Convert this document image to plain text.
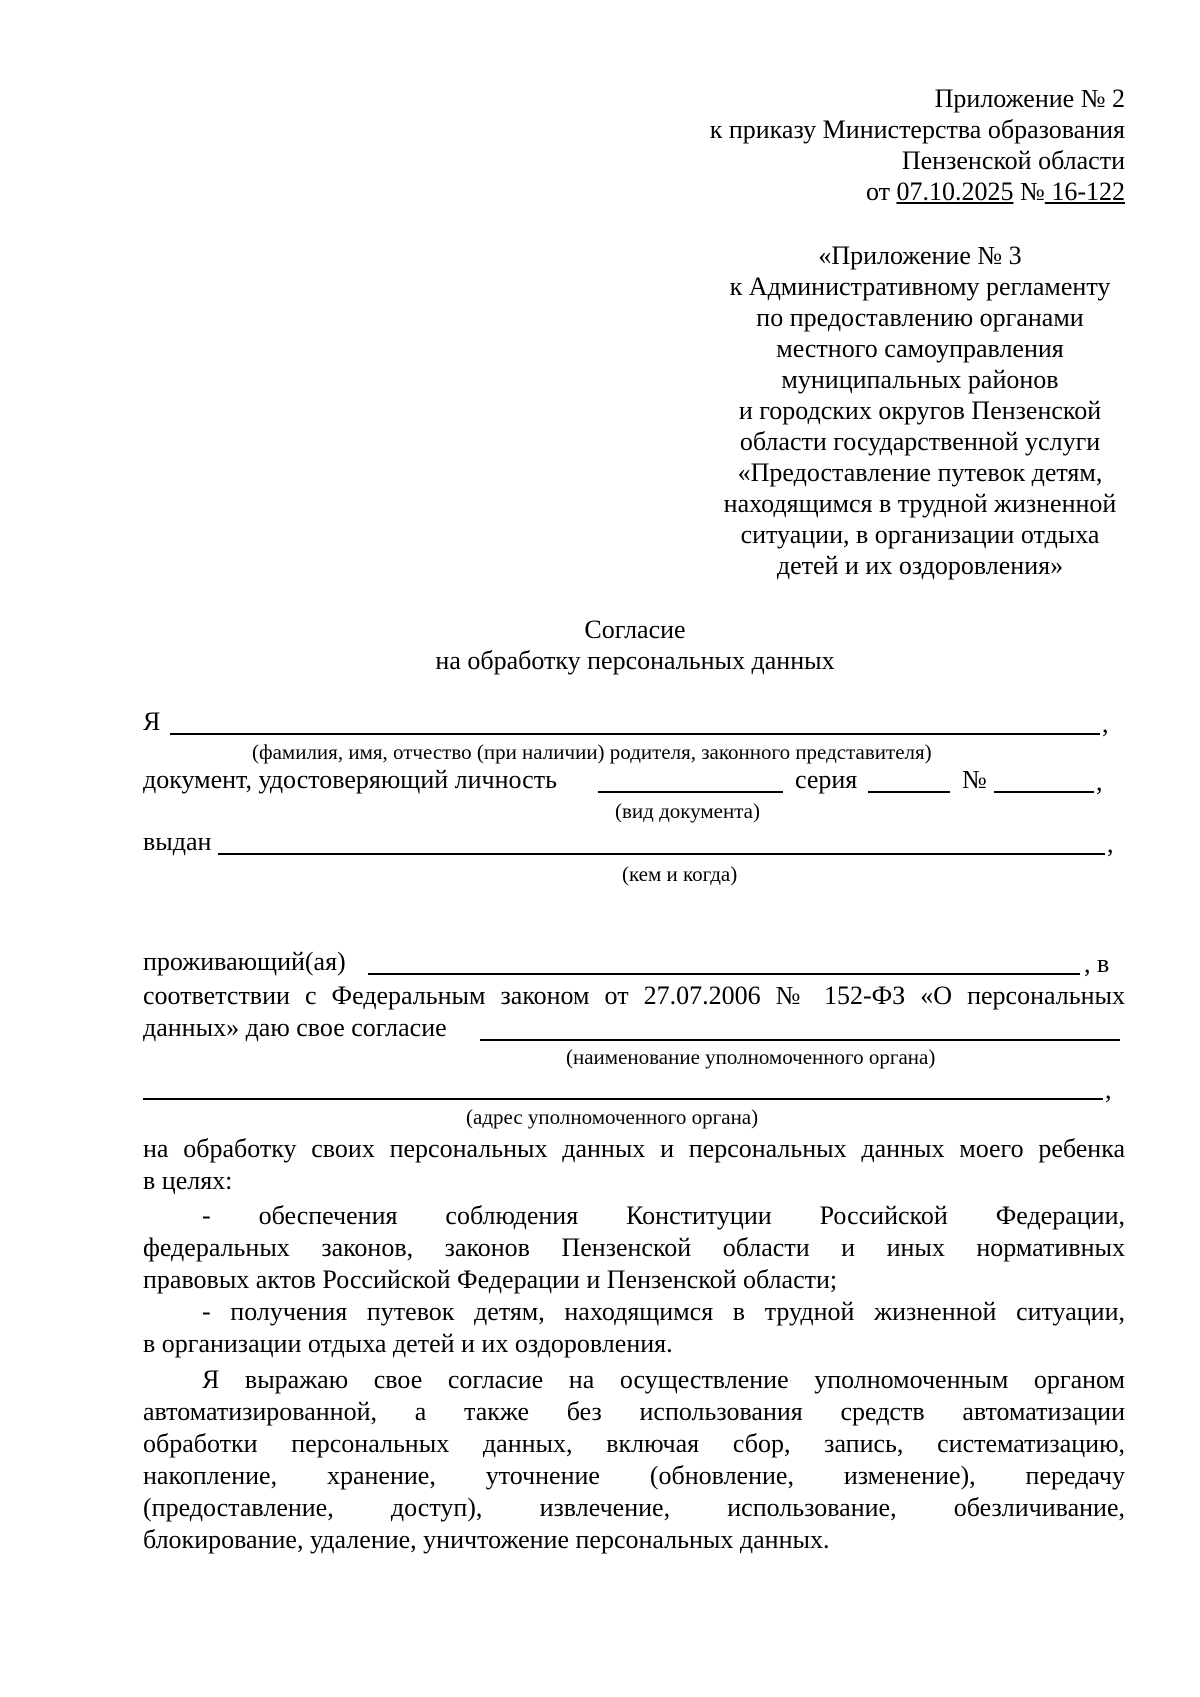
Приложение № 2
к приказу Министерства образования
Пензенской области
от 07.10.2025 № 16-122
«Приложение № 3
к Административному регламенту
по предоставлению органами
местного самоуправления
муниципальных районов
и городских округов Пензенской
области государственной услуги
«Предоставление путевок детям,
находящимся в трудной жизненной
ситуации, в организации отдыха
детей и их оздоровления»
Согласие
на обработку персональных данных
Я	,
(фамилия, имя, отчество (при наличии) родителя, законного представителя)
документ, удостоверяющий личность	серия	№	,
(вид документа)
выдан	,
(кем и когда)
проживающий(ая)	, в
соответствии с Федеральным законом от 27.07.2006 № 152-ФЗ «О персональных
данных» даю свое согласие
(наименование уполномоченного органа)
,
(адрес уполномоченного органа)
на обработку своих персональных данных и персональных данных моего ребенка
в целях:
- обеспечения соблюдения Конституции Российской Федерации,
федеральных законов, законов Пензенской области и иных нормативных
правовых актов Российской Федерации и Пензенской области;
- получения путевок детям, находящимся в трудной жизненной ситуации,
в организации отдыха детей и их оздоровления.
Я выражаю свое согласие на осуществление уполномоченным органом
автоматизированной, а также без использования средств автоматизации
обработки персональных данных, включая сбор, запись, систематизацию,
накопление, хранение, уточнение (обновление, изменение), передачу
(предоставление, доступ), извлечение, использование, обезличивание,
блокирование, удаление, уничтожение персональных данных.
